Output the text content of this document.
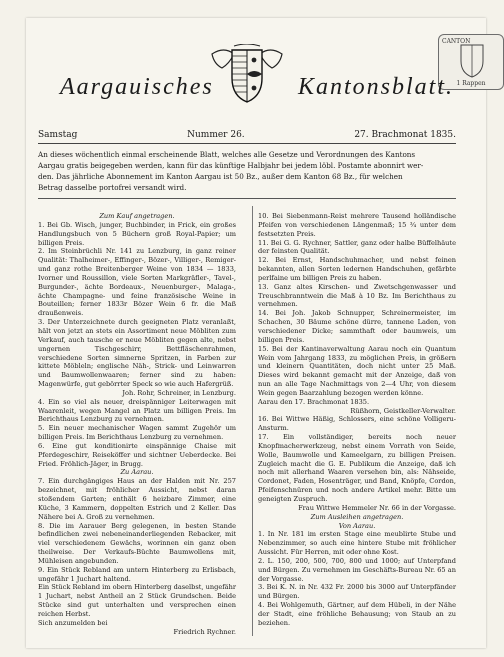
CANTON
1 Rappen
Aargauisches	Kantonsblatt.
Samstag	Nummer 26.	27. Brachmonat 1835.
An dieses wöchentlich einmal erscheinende Blatt, welches alle Gesetze und Verordnungen des Kantons
Aargau gratis beigegeben werden, kann für das künftige Halbjahr bei jedem löbl. Postamte abonnirt wer-
den. Das jährliche Abonnement im Kanton Aargau ist 50 Bz., außer dem Kanton 68 Bz., für welchen
Betrag dasselbe portofrei versandt wird.

Zum Kauf angetragen.

1. Bei Gb. Wisch, junger, Buchbinder, in Frick, ein großes Handlungsbuch von 5 Büchern groß Royal-Papier; um billigen Preis.

2. Im Steinbrüchli Nr. 141 zu Lenzburg, in ganz reiner Qualität: Thalheimer-, Effinger-, Bözer-, Villiger-, Remiger- und ganz rothe Breitenberger Weine von 1834 — 1833, Ivorner und Roussillon, viele Sorten Markgräfler-, Tavel-, Burgunder-, ächte Bordeaux-, Neuenburger-, Malaga-, ächte Champagne- und feine französische Weine in Bouteillen; ferner 1833r Bözer Wein 6 fr. die Maß draußenweis.

3. Der Unterzeichnete durch geeigneten Platz veranlaßt, hält von jetzt an stets ein Assortiment neue Möbliten zum Verkauf, auch tausche er neue Möbliten gegen alte, nebst ungernen Tischgeschirr, Bettfläschenrahmen, verschiedene Sorten simnerne Spritzen, in Farben zur kittete Möbleln; englische Näh-, Strick- und Leinwarren und Baumwollenwaaren; ferner sind zu haben: Magenwürfe, gut gebörrter Speck so wie auch Hafergrüß.

Joh. Rohr, Schreiner, in Lenzburg.

4. Ein so viel als neuer, dreispänniger Leiterwagen mit Waarenleit, wegen Mangel an Platz um billigen Preis. Im Berichthaus Lenzburg zu vernehmen.

5. Ein neuer mechanischer Wagen sammt Zugehör um billigen Preis. Im Berichthaus Lenzburg zu vernehmen.

6. Eine gut konditionirte einspännige Chaise mit Pferdegeschirr, Reiseköffer und sichtner Ueberdecke. Bei Fried. Fröhlich-Jäger, in Brugg.

Zu Aarau.

7. Ein durchgängiges Haus an der Halden mit Nr. 257 bezeichnet, mit fröhlicher Aussicht, nebst daran stoßendem Garten; enthält 6 heizbare Zimmer, eine Küche, 3 Kammern, doppelten Estrich und 2 Keller. Das Nähere bei A. Groß zu vernehmen.

8. Die im Aarauer Berg gelegenen, in besten Stande befindlichen zwei nebeneinanderliegenden Rebacker, mit viel verschiedenem Gewächs, worinnen ein ganz oben theilweise. Der Verkaufs-Büchte Baumwollens mit, Mühleisen angebunden.

9. Ein Stück Rebland am untern Hinterberg zu Erlisbach, ungefähr 1 Juchart haltend.

Ein Stück Rebland im obern Hinterberg daselbst, ungefähr 1 Juchart, nebst Antheil an 2 Stück Grundschen. Beide Stücke sind gut unterhalten und versprechen einen reichen Herbst.

Sich anzumelden bei

Friedrich Rychner.

10. Bei Siebenmann-Reist mehrere Tausend holländische Pfeifen von verschiedenen Längenmaß; 15 ¾ unter dem festsetzten Preis.

11. Bei G. G. Rychner, Sattler, ganz oder halbe Büffelhäute der feinsten Qualität.

12. Bei Ernst, Handschuhmacher, und nebst feinen bekannten, allen Sorten ledernen Handschuhen, gefärbte perlfaine um billigen Preis zu haben.

13. Ganz altes Kirschen- und Zwetschgenwasser und Treuschbranntwein die Maß à 10 Bz. Im Berichthaus zu vernehmen.

14. Bei Joh. Jakob Schnupper, Schreinermeister, im Schachen, 30 Bäume schöne dürre, tannene Laden, von verschiedener Dicke; sammthaft oder baumweis, um billigen Preis.

15. Bei der Kantinaverwaltung Aarau noch ein Quantum Wein vom Jahrgang 1833, zu möglichen Preis, in größern und kleinern Quantitäten, doch nicht unter 25 Maß. Dieses wird bekannt gemacht mit der Anzeige, daß von nun an alle Tage Nachmittags von 2—4 Uhr, von diesem Wein gegen Baarzahlung bezogen werden könne.

Aarau den 17. Brachmonat 1835.

Rüßhorn, Geistkeller-Verwalter.

16. Bei Wittwe Häßig, Schlossers, eine schöne Volligeru-Ansturm.

17. Ein vollständiger, bereits noch neuer Knopfmacherwerkzeug, nebst einem Vorrath von Seide, Wolle, Baumwolle und Kameelgarn, zu billigen Preisen. Zugleich macht die G. E. Publikum die Anzeige, daß ich noch mit allerhand Waaren versehen bin, als: Nähseide, Cordonet, Faden, Hosenträger, und Band, Knöpfe, Cordon, Pfeifenschnüren und noch andere Artikel mehr. Bitte um geneigten Zuspruch.

Frau Wittwe Hemmeler Nr. 66 in der Vorgasse.

Zum Ausleihen angetragen.

Von Aarau.

1. In Nr. 181 im ersten Stage eine meublirte Stube und Nebenzimmer, so auch eine hintere Stube mit fröhlicher Aussicht. Für Herren, mit oder ohne Kost.

2. L. 150, 200, 500, 700, 800 und 1000; auf Unterpfand und Bürgen. Zu vernehmen im Geschäfts-Bureau Nr. 65 an der Vorgasse.

3. Bei K. N. in Nr. 432 Fr. 2000 bis 3000 auf Unterpfänder und Bürgen.

4. Bei Wohlgemuth, Gärtner, auf dem Hübeli, in der Nähe der Stadt, eine fröhliche Behausung; von Staub an zu beziehen.
